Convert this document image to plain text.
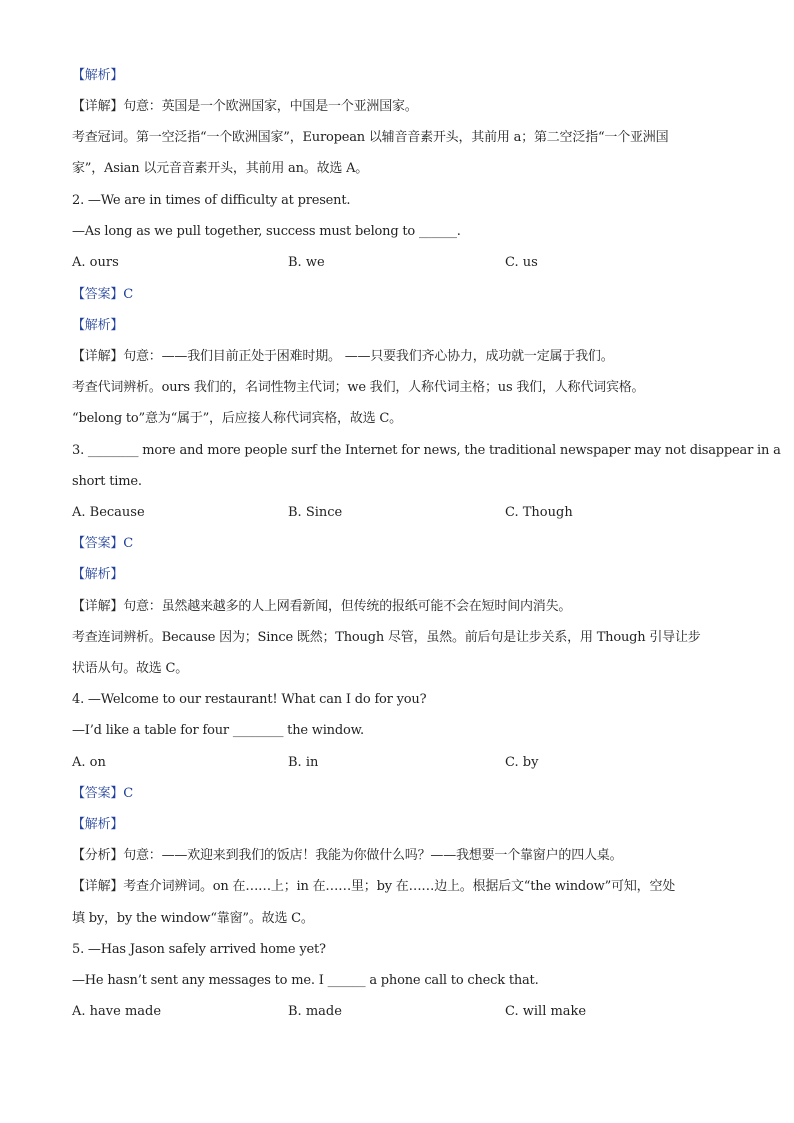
【解析】
【详解】句意：英国是一个欧洲国家，中国是一个亚洲国家。
考查冠词。第一空泛指“一个欧洲国家”，European 以辅音音素开头，其前用 a；第二空泛指“一个亚洲国
家”，Asian 以元音音素开头，其前用 an。故选 A。
2. —We are in times of difficulty at present.
—As long as we pull together, success must belong to ______.
A. ours	B. we	C. us
【答案】C
【解析】
【详解】句意：——我们目前正处于困难时期。 ——只要我们齐心协力，成功就一定属于我们。
考查代词辨析。ours 我们的，名词性物主代词；we 我们，人称代词主格；us 我们，人称代词宾格。
“belong to”意为“属于”，后应接人称代词宾格，故选 C。
3. ________ more and more people surf the Internet for news, the traditional newspaper may not disappear in a
short time.
A. Because	B. Since	C. Though
【答案】C
【解析】
【详解】句意：虽然越来越多的人上网看新闻，但传统的报纸可能不会在短时间内消失。
考查连词辨析。Because 因为；Since 既然；Though 尽管，虽然。前后句是让步关系，用 Though 引导让步
状语从句。故选 C。
4. —Welcome to our restaurant! What can I do for you?
—I’d like a table for four ________ the window.
A. on	B. in	C. by
【答案】C
【解析】
【分析】句意：——欢迎来到我们的饭店！我能为你做什么吗？——我想要一个靠窗户的四人桌。
【详解】考查介词辨词。on 在……上；in 在……里；by 在……边上。根据后文“the window”可知，空处
填 by，by the window“靠窗”。故选 C。
5. —Has Jason safely arrived home yet?
—He hasn’t sent any messages to me. I ______ a phone call to check that.
A. have made	B. made	C. will make
